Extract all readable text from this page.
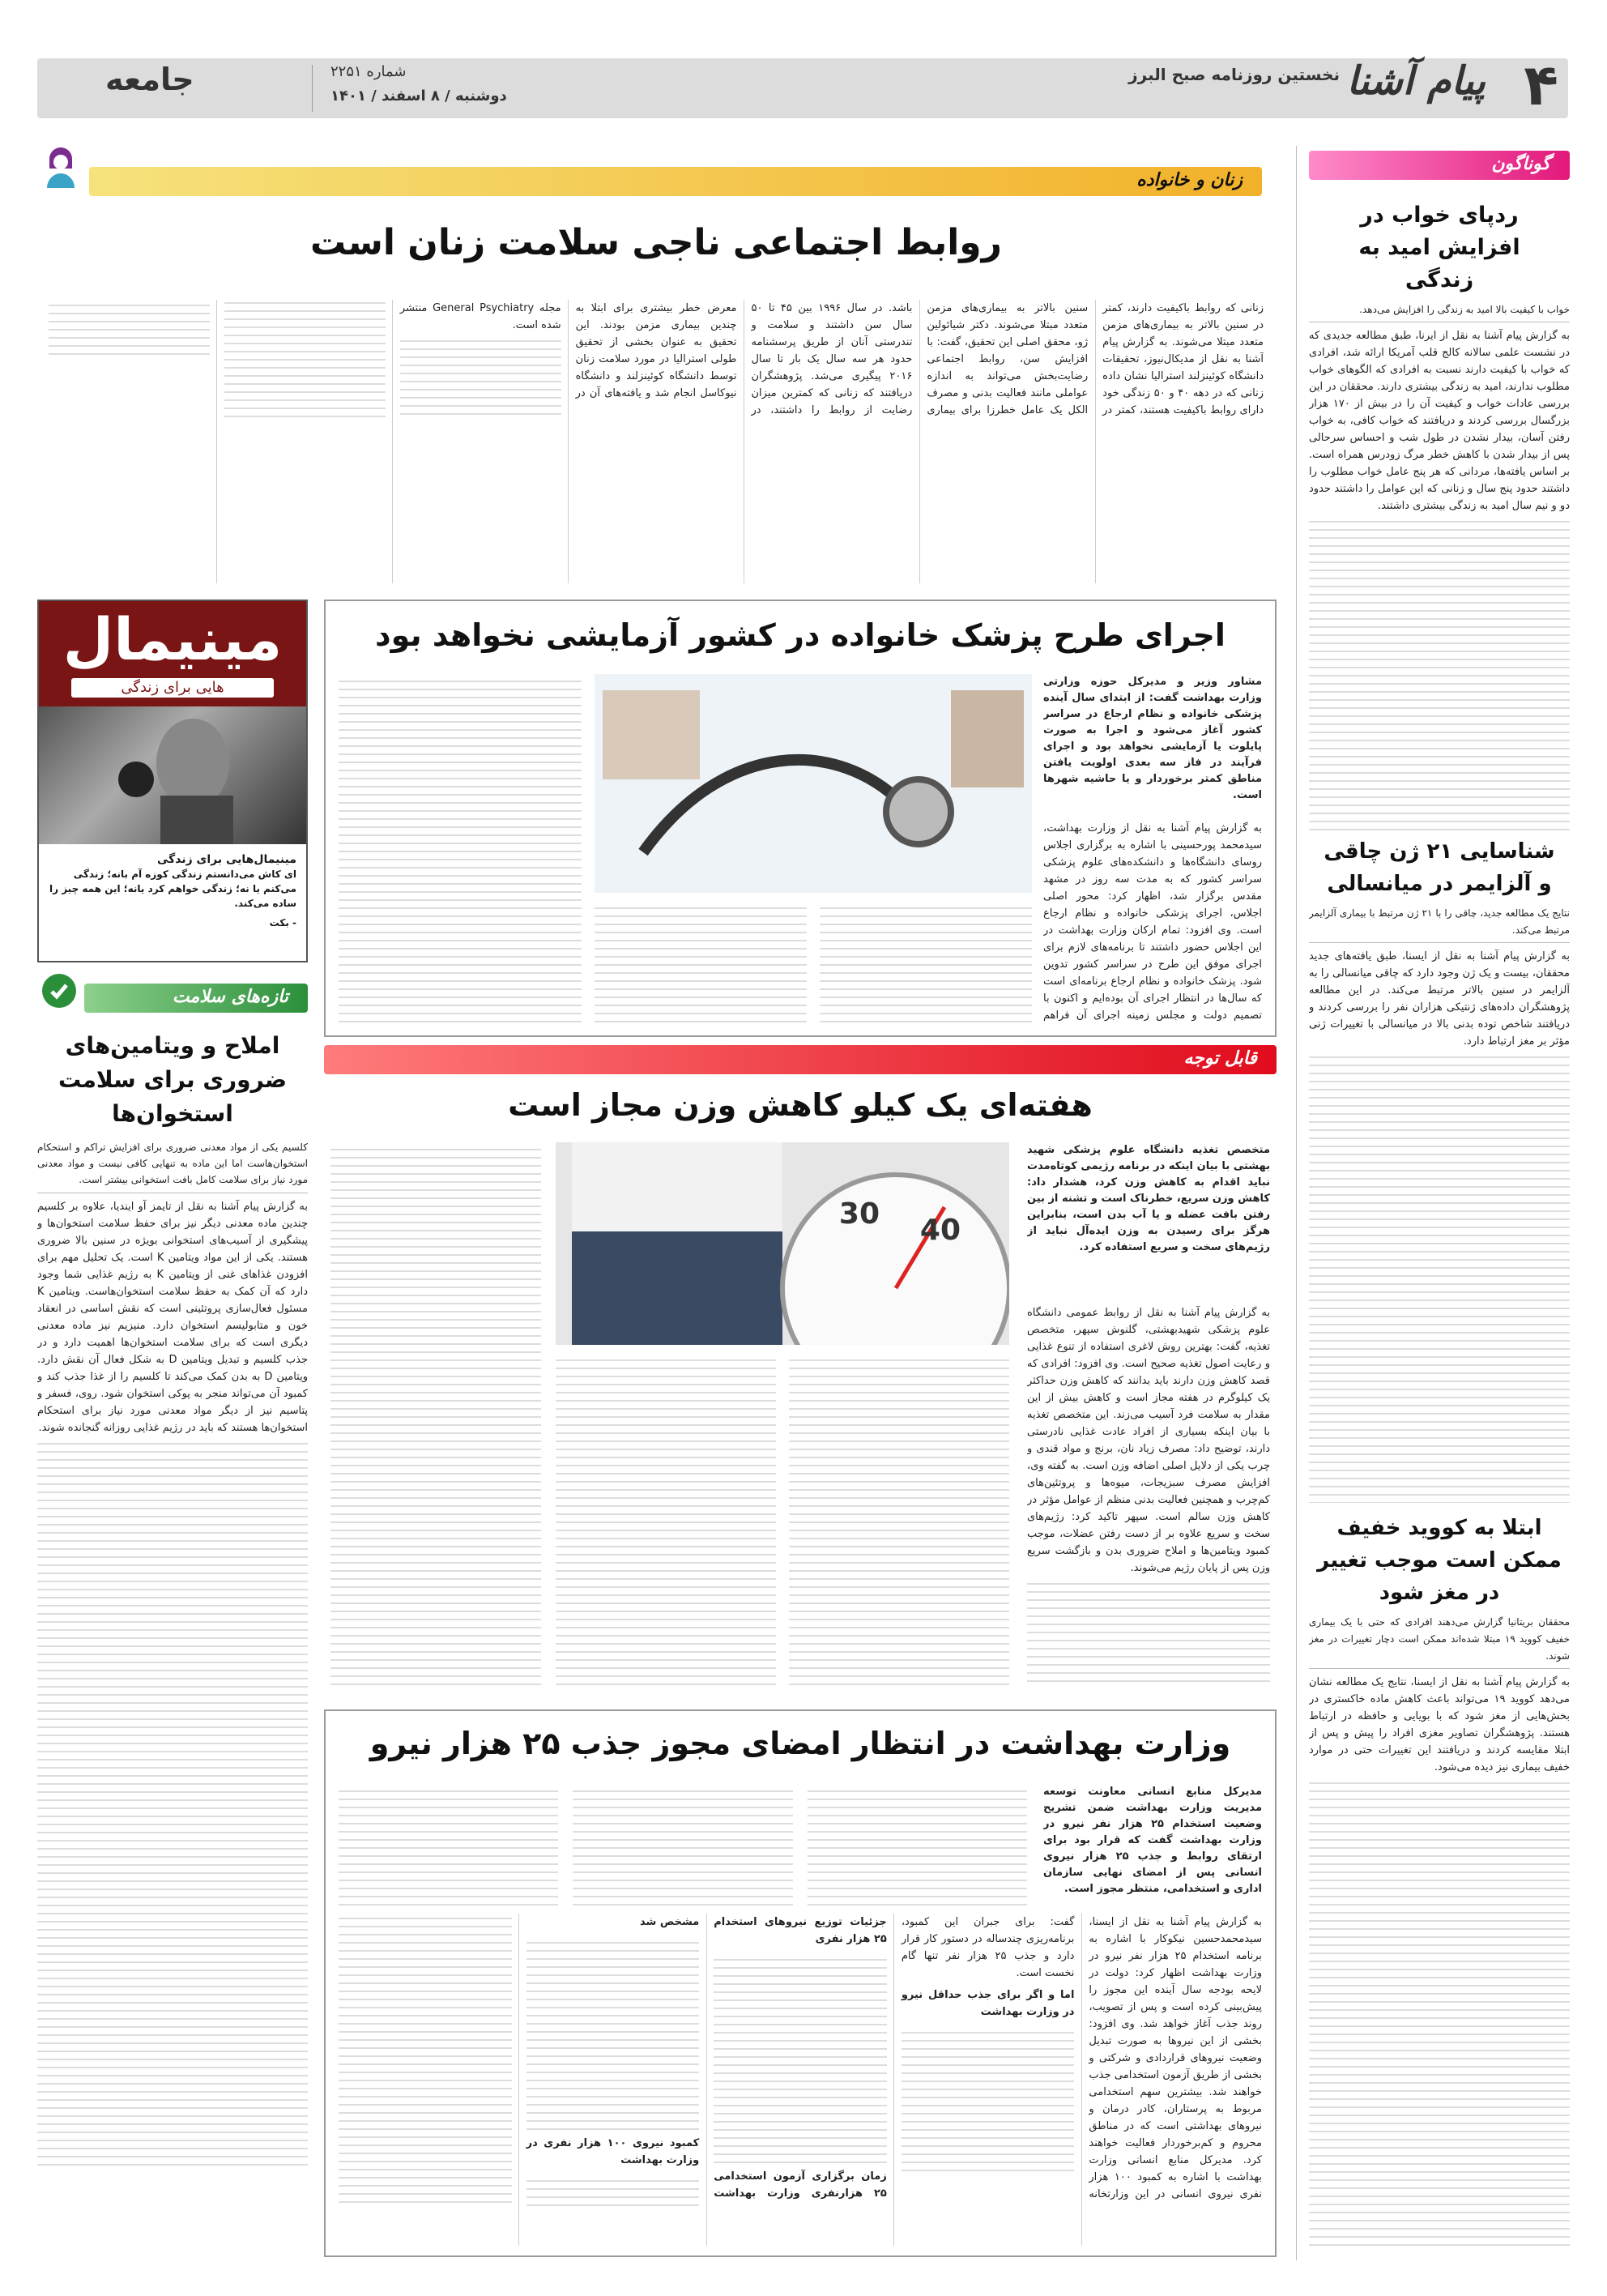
۴
پیام آشنا
نخستین روزنامه صبح البرز
شماره ۲۲۵۱
دوشنبه / ۸ اسفند / ۱۴۰۱
جامعه
گوناگون
ردپای خواب در افزایش امید به زندگی
خواب با کیفیت بالا امید به زندگی را افزایش می‌دهد.
به گزارش پیام آشنا به نقل از ایرنا، طبق مطالعه جدیدی که در نشست علمی سالانه کالج قلب آمریکا ارائه شد، افرادی که خواب با کیفیت دارند نسبت به افرادی که الگوهای خواب مطلوب ندارند، امید به زندگی بیشتری دارند. محققان در این بررسی عادات خواب و کیفیت آن را در بیش از ۱۷۰ هزار بزرگسال بررسی کردند و دریافتند که خواب کافی، به خواب رفتن آسان، بیدار نشدن در طول شب و احساس سرحالی پس از بیدار شدن با کاهش خطر مرگ زودرس همراه است. بر اساس یافته‌ها، مردانی که هر پنج عامل خواب مطلوب را داشتند حدود پنج سال و زنانی که این عوامل را داشتند حدود دو و نیم سال امید به زندگی بیشتری داشتند.
شناسایی ۲۱ ژن چاقی و آلزایمر در میانسالی
نتایج یک مطالعه جدید، چاقی را با ۲۱ ژن مرتبط با بیماری آلزایمر مرتبط می‌کند.
به گزارش پیام آشنا به نقل از ایسنا، طبق یافته‌های جدید محققان، بیست و یک ژن وجود دارد که چاقی میانسالی را به آلزایمر در سنین بالاتر مرتبط می‌کند. در این مطالعه پژوهشگران داده‌های ژنتیکی هزاران نفر را بررسی کردند و دریافتند شاخص توده بدنی بالا در میانسالی با تغییرات ژنی مؤثر بر مغز ارتباط دارد.
ابتلا به کووید خفیف ممکن است موجب تغییر در مغز شود
محققان بریتانیا گزارش می‌دهند افرادی که حتی با یک بیماری خفیف کووید ۱۹ مبتلا شده‌اند ممکن است دچار تغییرات در مغز شوند.
به گزارش پیام آشنا به نقل از ایسنا، نتایج یک مطالعه نشان می‌دهد کووید ۱۹ می‌تواند باعث کاهش ماده خاکستری در بخش‌هایی از مغز شود که با بویایی و حافظه در ارتباط هستند. پژوهشگران تصاویر مغزی افراد را پیش و پس از ابتلا مقایسه کردند و دریافتند این تغییرات حتی در موارد خفیف بیماری نیز دیده می‌شود.
زنان و خانواده
روابط اجتماعی ناجی سلامت زنان است
زنانی که روابط باکیفیت دارند، کمتر در سنین بالاتر به بیماری‌های مزمن متعدد مبتلا می‌شوند. به گزارش پیام آشنا به نقل از مدیکال‌نیوز، تحقیقات دانشگاه کوئینزلند استرالیا نشان داده زنانی که در دهه ۴۰ و ۵۰ زندگی خود دارای روابط باکیفیت هستند، کمتر در سنین بالاتر به بیماری‌های مزمن متعدد مبتلا می‌شوند. دکتر شیائولین ژو، محقق اصلی این تحقیق، گفت: با افزایش سن، روابط اجتماعی رضایت‌بخش می‌تواند به اندازه عواملی مانند فعالیت بدنی و مصرف الکل یک عامل خطرزا برای بیماری باشد. در سال ۱۹۹۶ بین ۴۵ تا ۵۰ سال سن داشتند و سلامت و تندرستی آنان از طریق پرسشنامه حدود هر سه سال یک بار تا سال ۲۰۱۶ پیگیری می‌شد. پژوهشگران دریافتند که زنانی که کمترین میزان رضایت از روابط را داشتند، در معرض خطر بیشتری برای ابتلا به چندین بیماری مزمن بودند. این تحقیق به عنوان بخشی از تحقیق طولی استرالیا در مورد سلامت زنان توسط دانشگاه کوئینزلند و دانشگاه نیوکاسل انجام شد و یافته‌های آن در مجله General Psychiatry منتشر شده است.
مینیمال
هایی برای زندگی
مینیمال‌هایی برای زندگی
ای کاش می‌دانستم زندگی کوزه آم بانه؛ زندگی می‌کنم یا نه؛ زندگی خواهم کرد یانه؛ این همه چیز را ساده می‌کند.
- بکت
اجرای طرح پزشک خانواده در کشور آزمایشی نخواهد بود
مشاور وزیر و مدیرکل حوزه وزارتی وزارت بهداشت گفت: از ابتدای سال آینده پزشکی خانواده و نظام ارجاع در سراسر کشور آغاز می‌شود و اجرا به صورت پایلوت یا آزمایشی نخواهد بود و اجرای فرآیند در فاز سه بعدی اولویت یافتن مناطق کمتر برخوردار و یا حاشیه شهرها است.
به گزارش پیام آشنا به نقل از وزارت بهداشت، سیدمحمد پورحسینی با اشاره به برگزاری اجلاس روسای دانشگاه‌ها و دانشکده‌های علوم پزشکی سراسر کشور که به مدت سه روز در مشهد مقدس برگزار شد، اظهار کرد: محور اصلی اجلاس، اجرای پزشکی خانواده و نظام ارجاع است. وی افزود: تمام ارکان وزارت بهداشت در این اجلاس حضور داشتند تا برنامه‌های لازم برای اجرای موفق این طرح در سراسر کشور تدوین شود. پزشک خانواده و نظام ارجاع برنامه‌ای است که سال‌ها در انتظار اجرای آن بوده‌ایم و اکنون با تصمیم دولت و مجلس زمینه اجرای آن فراهم
تازه‌های سلامت
املاح و ویتامین‌های ضروری برای سلامت استخوان‌ها
کلسیم یکی از مواد معدنی ضروری برای افزایش تراکم و استحکام استخوان‌هاست اما این ماده به تنهایی کافی نیست و مواد معدنی مورد نیاز برای سلامت کامل بافت استخوانی بیشتر است.
به گزارش پیام آشنا به نقل از تایمز آو ایندیا، علاوه بر کلسیم چندین ماده معدنی دیگر نیز برای حفظ سلامت استخوان‌ها و پیشگیری از آسیب‌های استخوانی بویژه در سنین بالا ضروری هستند. یکی از این مواد ویتامین K است. یک تحلیل مهم برای افزودن غذاهای غنی از ویتامین K به رژیم غذایی شما وجود دارد که آن کمک به حفظ سلامت استخوان‌هاست. ویتامین K مسئول فعال‌سازی پروتئینی است که نقش اساسی در انعقاد خون و متابولیسم استخوان دارد. منیزیم نیز ماده معدنی دیگری است که برای سلامت استخوان‌ها اهمیت دارد و در جذب کلسیم و تبدیل ویتامین D به شکل فعال آن نقش دارد. ویتامین D به بدن کمک می‌کند تا کلسیم را از غذا جذب کند و کمبود آن می‌تواند منجر به پوکی استخوان شود. روی، فسفر و پتاسیم نیز از دیگر مواد معدنی مورد نیاز برای استحکام استخوان‌ها هستند که باید در رژیم غذایی روزانه گنجانده شوند.
قابل توجه
هفته‌ای یک کیلو کاهش وزن مجاز است
متخصص تغذیه دانشگاه علوم پزشکی شهید بهشتی با بیان اینکه در برنامه رژیمی کوتاه‌مدت نباید اقدام به کاهش وزن کرد، هشدار داد: کاهش وزن سریع، خطرناک است و تشنه از بین رفتن بافت عضله و یا آب بدن است، بنابراین هرگز برای رسیدن به وزن ایده‌آل نباید از رژیم‌های سخت و سریع استفاده کرد.
به گزارش پیام آشنا به نقل از روابط عمومی دانشگاه علوم پزشکی شهیدبهشتی، گلنوش سپهر، متخصص تغذیه، گفت: بهترین روش لاغری استفاده از تنوع غذایی و رعایت اصول تغذیه صحیح است. وی افزود: افرادی که قصد کاهش وزن دارند باید بدانند که کاهش وزن حداکثر یک کیلوگرم در هفته مجاز است و کاهش بیش از این مقدار به سلامت فرد آسیب می‌زند. این متخصص تغذیه با بیان اینکه بسیاری از افراد عادت غذایی نادرستی دارند، توضیح داد: مصرف زیاد نان، برنج و مواد قندی و چرب یکی از دلایل اصلی اضافه وزن است. به گفته وی، افزایش مصرف سبزیجات، میوه‌ها و پروتئین‌های کم‌چرب و همچنین فعالیت بدنی منظم از عوامل مؤثر در کاهش وزن سالم است. سپهر تاکید کرد: رژیم‌های سخت و سریع علاوه بر از دست رفتن عضلات، موجب کمبود ویتامین‌ها و املاح ضروری بدن و بازگشت سریع وزن پس از پایان رژیم می‌شوند.
40
30
وزارت بهداشت در انتظار امضای مجوز جذب ۲۵ هزار نیرو
مدیرکل منابع انسانی معاونت توسعه مدیریت وزارت بهداشت ضمن تشریح وضعیت استخدام ۲۵ هزار نفر نیرو در وزارت بهداشت گفت که قرار بود برای ارتقای روابط و جذب ۲۵ هزار نیروی انسانی پس از امضای نهایی سازمان اداری و استخدامی، منتظر مجوز است.
به گزارش پیام آشنا به نقل از ایسنا، سیدمحمدحسین نیکوکار با اشاره به برنامه استخدام ۲۵ هزار نفر نیرو در وزارت بهداشت اظهار کرد: دولت در لایحه بودجه سال آینده این مجوز را پیش‌بینی کرده است و پس از تصویب، روند جذب آغاز خواهد شد. وی افزود: بخشی از این نیروها به صورت تبدیل وضعیت نیروهای قراردادی و شرکتی و بخشی از طریق آزمون استخدامی جذب خواهند شد. بیشترین سهم استخدامی مربوط به پرستاران، کادر درمان و نیروهای بهداشتی است که در مناطق محروم و کم‌برخوردار فعالیت خواهند کرد. مدیرکل منابع انسانی وزارت بهداشت با اشاره به کمبود ۱۰۰ هزار نفری نیروی انسانی در این وزارتخانه گفت: برای جبران این کمبود، برنامه‌ریزی چندساله در دستور کار قرار دارد و جذب ۲۵ هزار نفر تنها گام نخست است.
اما و اگر برای جذب حداقل نیرو در وزارت بهداشت
جزئیات توزیع نیروهای استخدام ۲۵ هزار نفری
زمان برگزاری آزمون استخدامی ۲۵ هزارنفری وزارت بهداشت مشخص شد
کمبود نیروی ۱۰۰ هزار نفری در وزارت بهداشت
